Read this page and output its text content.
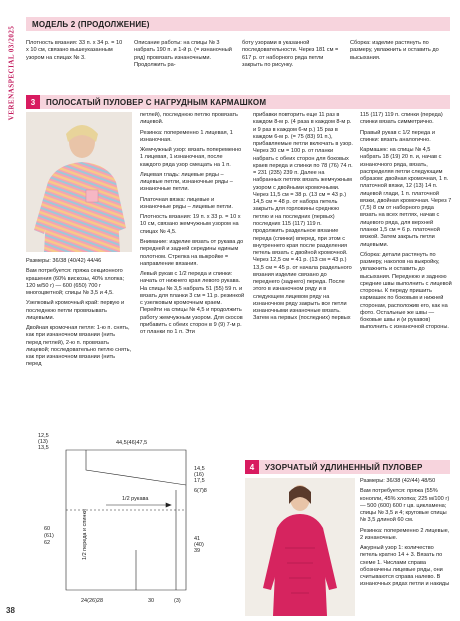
VERENASPECIAL 03/2025
38
МОДЕЛЬ 2 (ПРОДОЛЖЕНИЕ)

Плотность вязания: 33 п. х 34 р. = 10 х 10 см, связано вышеуказанным узором на спицах № 3.

Описание работы: на спицы № 3 набрать 190 п. и 1-й р. (= изнаночный ряд) провязать изнаночными. Продолжить ра-

боту узорами в указанной последовательности. Через 181 см = 617 р. от наборного ряда петли закрыть по рисунку.

Сборка: изделие растянуть по размеру, увлажнить и оставить до высыхания.

3	ПОЛОСАТЫЙ ПУЛОВЕР С НАГРУДНЫМ КАРМАШКОМ

Размеры: 36/38 (40/42) 44/46

Вам потребуется: пряжа секционного крашения (60% вискозы, 40% хлопка; 120 м/50 г) — 600 (650) 700 г многоцветной; спицы № 3,5 и 4,5.

Узелковый кромочный край: первую и последнюю петли провязывать лицевыми.

Двойная кромочная петля: 1-ю п. снять, как при изнаночном вязании (нить перед петлей), 2-ю п. провязать лицевой; последовательно петлю снять, как при изнаночном вязании (нить перед

петлей), последнюю петлю провязать лицевой.

Резинка: попеременно 1 лицевая, 1 изнаночная.

Жемчужный узор: вязать попеременно 1 лицевая, 1 изнаночная, после каждого ряда узор смещать на 1 п.

Лицевая гладь: лицевые ряды – лицевые петли, изнаночные ряды – изнаночные петли.

Платочная вязка: лицевые и изнаночные ряды – лицевые петли.

Плотность вязания: 19 п. х 33 р. = 10 х 10 см, связано жемчужным узором на спицах № 4,5.

Внимание: изделие вязать от рукава до передней и задней середины единым полотном. Стрелка на выкройке = направление вязания.

Левый рукав с 1/2 переда и спинки: начать от нижнего края левого рукава. На спицы № 3,5 набрать 51 (55) 59 п. и вязать для планки 3 см = 11 р. резинкой с узелковым кромочным краем. Перейти на спицы № 4,5 и продолжить работу жемчужным узором. Для скосов прибавить с обеих сторон в 9 (9) 7-м р. от планки по 1 п. Эти

прибавки повторить еще 11 раз в каждом 8-м р. (4 раза в каждом 8-м р. и 9 раз в каждом 6-м р.) 15 раз в каждом 6-м р. (= 75 (83) 91 п.), прибавляемые петли включать в узор. Через 30 см = 100 р. от планки набрать с обеих сторон для боковых краев переда и спинки по 78 (76) 74 п. = 231 (235) 239 п. Далее на набранных петлях вязать жемчужным узором с двойными кромочными. Через 11,5 см = 38 р. (13 см = 43 р.) 14,5 см = 48 р. от набора петель закрыть для горловины среднюю петлю и на последних (первых) последних 115 (117) 119 п. продолжить раздельное вязание переда (спинки) вперед, при этом с внутреннего края после разделения петель вязать с двойной кромочной. Через 12,5 см = 41 р. (13 см = 43 р.) 13,5 см = 45 р. от начала раздельного вязания изделие связано до переднего (заднего) переда. После этого в изнаночном ряду и в следующем лицевом ряду на изнаночном ряду закрыть все петли изнаночными изнаночные вязать. Затем на первых (последних) первых

115 (117) 119 п. спинки (переда) спинки вязать симметрично.

Правый рукав с 1/2 переда и спинки: вязать аналогично.

Кармашек: на спицы № 4,5 набрать 18 (19) 20 п. и, начав с изнаночного ряда, вязать, распределяя петли следующим образом: двойная кромочная, 1 п. платочной вязки, 12 (13) 14 п. лицевой глади, 1 п. платочной вязки, двойная кромочная. Через 7 (7,5) 8 см от наборного ряда вязать на всех петлях, начав с лицевого ряда, для верхней планки 1,5 см = 6 р. платочной вязкой. Затем закрыть петли лицевыми.

Сборка: детали растянуть по размеру, наколов на выкройку, увлажнить и оставить до высыхания. Переднюю и заднюю средние швы выполнить с лицевой стороны. К переду пришить кармашек по боковым и нижней сторонам, расположив его, как на фото. Остальные же швы — боковые швы и (и рукавов) выполнить с изнаночной стороны.

12,5
(13)
13,5
44,5(46)47,5
60
(61)
62
14,5
(16)
17,5
6(7)8
41
(40)
39
1/2 рукава
1/2 переда и спинки
24(26)28	30	(3)
4	УЗОРЧАТЫЙ УДЛИНЕННЫЙ ПУЛОВЕР

Размеры: 36/38 (42/44) 48/50

Вам потребуется: пряжа (55% конопли, 45% хлопка; 225 м/100 г) — 500 (600) 600 г цв. цикламена; спицы № 3,5 и 4; круговые спицы № 3,5 длиной 60 см.

Резинка: попеременно 2 лицевые, 2 изнаночные.

Ажурный узор 1: количество петель кратно 14 + 3. Вязать по схеме 1. Числами справа обозначены лицевые ряды, они считываются справа налево. В изнаночных рядах петли и накиды
